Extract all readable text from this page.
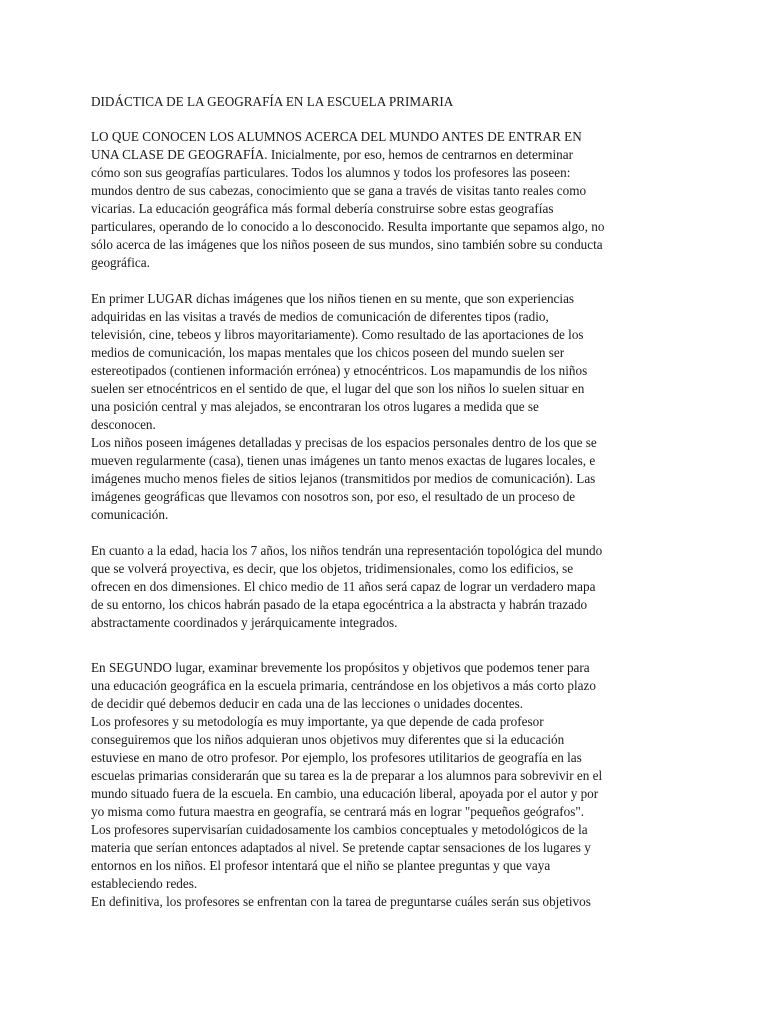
DIDÁCTICA DE LA GEOGRAFÍA EN LA ESCUELA PRIMARIA

LO QUE CONOCEN LOS ALUMNOS ACERCA DEL MUNDO ANTES DE ENTRAR EN
UNA CLASE DE GEOGRAFÍA. Inicialmente, por eso, hemos de centrarnos en determinar
cómo son sus geografías particulares. Todos los alumnos y todos los profesores las poseen:
mundos dentro de sus cabezas, conocimiento que se gana a través de visitas tanto reales como
vicarias. La educación geográfica más formal debería construirse sobre estas geografías
particulares, operando de lo conocido a lo desconocido. Resulta importante que sepamos algo, no
sólo acerca de las imágenes que los niños poseen de sus mundos, sino también sobre su conducta
geográfica.

En primer LUGAR dichas imágenes que los niños tienen en su mente, que son experiencias
adquiridas en las visitas a través de medios de comunicación de diferentes tipos (radio,
televisión, cine, tebeos y libros mayoritariamente). Como resultado de las aportaciones de los
medios de comunicación, los mapas mentales que los chicos poseen del mundo suelen ser
estereotipados (contienen información errónea) y etnocéntricos. Los mapamundis de los niños
suelen ser etnocéntricos en el sentido de que, el lugar del que son los niños lo suelen situar en
una posición central y mas alejados, se encontraran los otros lugares a medida que se
desconocen.
Los niños poseen imágenes detalladas y precisas de los espacios personales dentro de los que se
mueven regularmente (casa), tienen unas imágenes un tanto menos exactas de lugares locales, e
imágenes mucho menos fieles de sitios lejanos (transmitidos por medios de comunicación). Las
imágenes geográficas que llevamos con nosotros son, por eso, el resultado de un proceso de
comunicación.

En cuanto a la edad, hacia los 7 años, los niños tendrán una representación topológica del mundo
que se volverá proyectiva, es decir, que los objetos, tridimensionales, como los edificios, se
ofrecen en dos dimensiones. El chico medio de 11 años será capaz de lograr un verdadero mapa
de su entorno, los chicos habrán pasado de la etapa egocéntrica a la abstracta y habrán trazado
abstractamente coordinados y jerárquicamente integrados.

En SEGUNDO lugar, examinar brevemente los propósitos y objetivos que podemos tener para
una educación geográfica en la escuela primaria, centrándose en los objetivos a más corto plazo
de decidir qué debemos deducir en cada una de las lecciones o unidades docentes.
Los profesores y su metodología es muy importante, ya que depende de cada profesor
conseguiremos que los niños adquieran unos objetivos muy diferentes que si la educación
estuviese en mano de otro profesor. Por ejemplo, los profesores utilitarios de geografía en las
escuelas primarias considerarán que su tarea es la de preparar a los alumnos para sobrevivir en el
mundo situado fuera de la escuela. En cambio, una educación liberal, apoyada por el autor y por
yo misma como futura maestra en geografía, se centrará más en lograr "pequeños geógrafos".
Los profesores supervisarían cuidadosamente los cambios conceptuales y metodológicos de la
materia que serían entonces adaptados al nivel. Se pretende captar sensaciones de los lugares y
entornos en los niños. El profesor intentará que el niño se plantee preguntas y que vaya
estableciendo redes.
En definitiva, los profesores se enfrentan con la tarea de preguntarse cuáles serán sus objetivos
